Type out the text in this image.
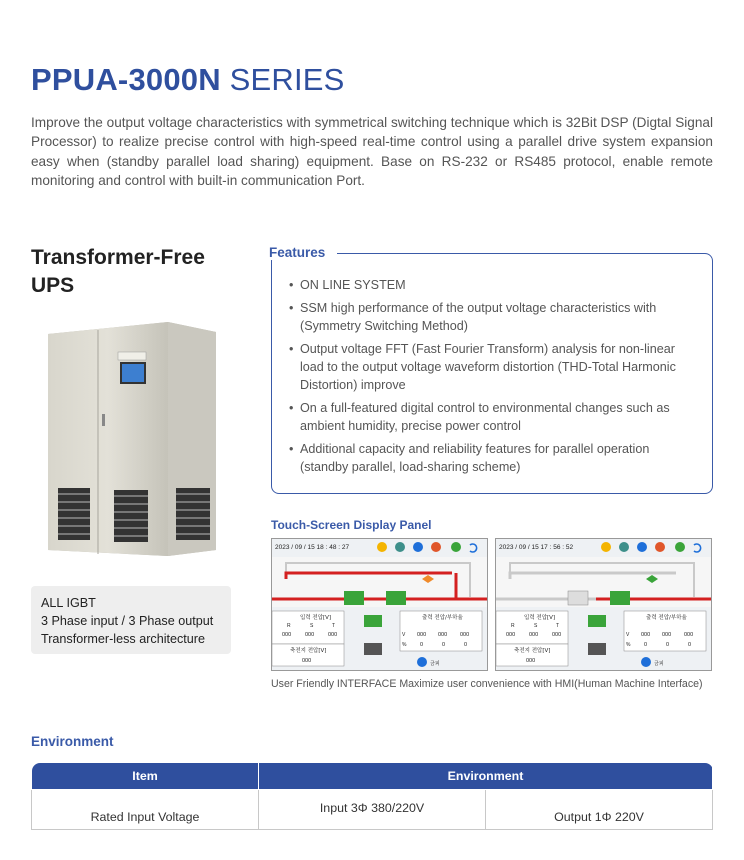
PPUA-3000N SERIES

Improve the output voltage characteristics with symmetrical switching technique which is 32Bit DSP (Digtal Signal Processor) to realize precise control with high-speed real-time control using a parallel drive system expansion easy when (standby parallel load sharing) equipment. Base on RS-232 or RS485 protocol, enable remote monitoring and control with built-in communication Port.

Transformer-Free UPS
ALL IGBT
3 Phase input / 3 Phase output
Transformer-less architecture
Features
• ON LINE SYSTEM
• SSM high performance of the output voltage characteristics with (Symmetry Switching Method)
• Output voltage FFT (Fast Fourier Transform) analysis for non-linear load to the output voltage waveform distortion (THD-Total Harmonic Distortion) improve
• On a full-featured digital control to environmental changes such as ambient humidity, precise power control
• Additional capacity and reliability features for parallel operation (standby parallel, load-sharing scheme)
Touch-Screen Display Panel
2023 / 09 / 15 18 : 48 : 27
입력 전압[V]
R	S	T
000	000	000
출력 전압/부하율
V
%
000 000 000
0	0	0
축전지 전압[V]
000	금피
2023 / 09 / 15 17 : 56 : 52
입력 전압[V]
R	S	T
000	000	000
출력 전압/부하율
V
%
000 000 000
0	0	0
축전지 전압[V]
000	금피
User Friendly INTERFACE Maximize user convenience with HMI(Human Machine Interface)
Environment
Item	Environment	

Rated Input Voltage	Input 3Φ 380/220V	Output 1Φ 220V
